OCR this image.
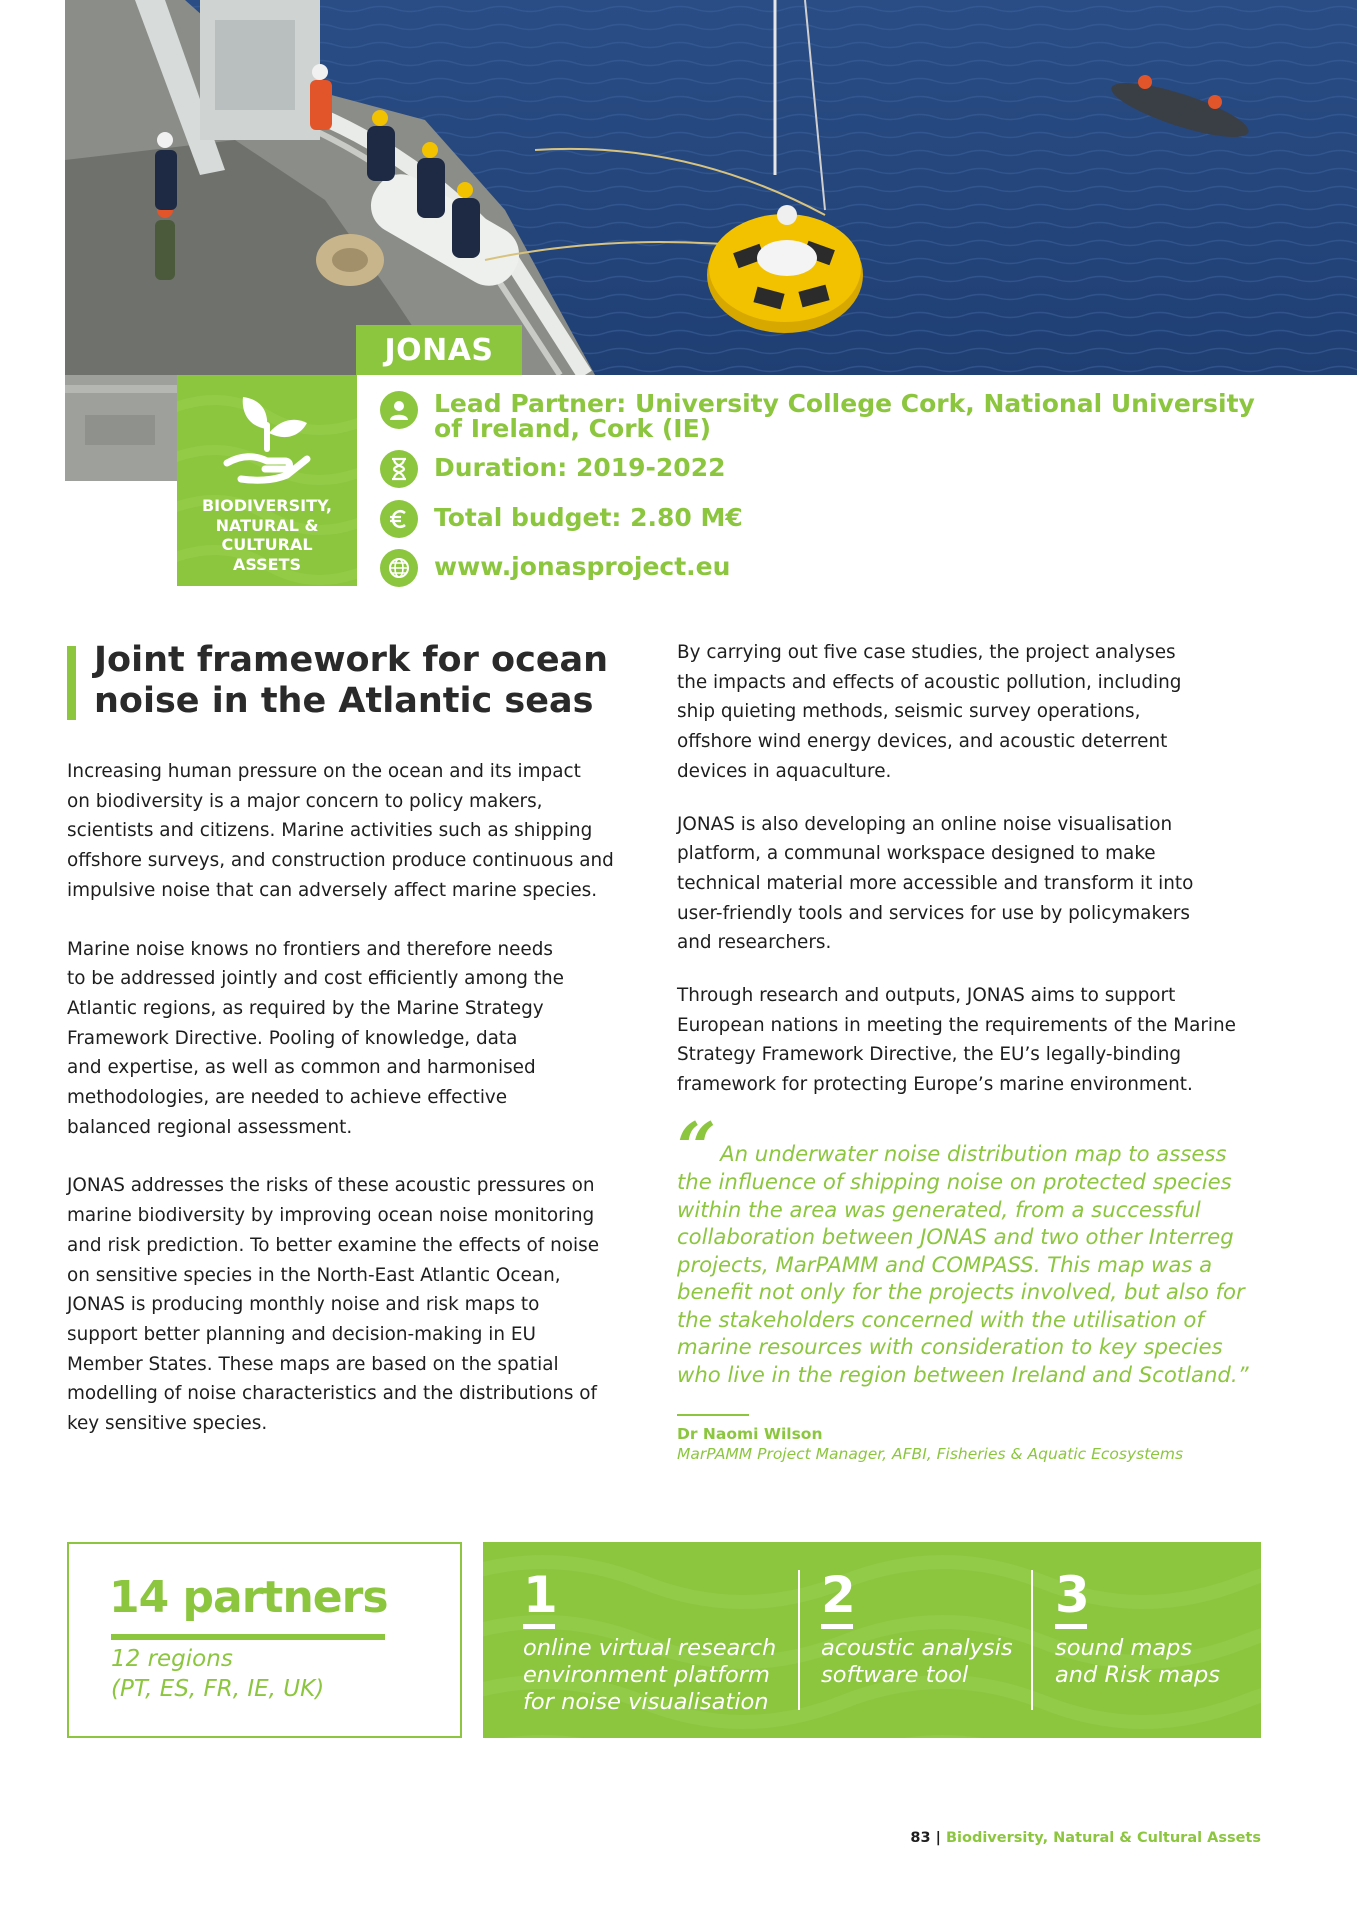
JONAS
BIODIVERSITY,
NATURAL &
CULTURAL
ASSETS
Lead Partner: University College Cork, National University
of Ireland, Cork (IE)
Duration: 2019-2022
Total budget: 2.80 M€
www.jonasproject.eu
Joint framework for ocean
noise in the Atlantic seas

Increasing human pressure on the ocean and its impact
on biodiversity is a major concern to policy makers,
scientists and citizens. Marine activities such as shipping
offshore surveys, and construction produce continuous and
impulsive noise that can adversely affect marine species.

Marine noise knows no frontiers and therefore needs
to be addressed jointly and cost efficiently among the
Atlantic regions, as required by the Marine Strategy
Framework Directive. Pooling of knowledge, data
and expertise, as well as common and harmonised
methodologies, are needed to achieve effective
balanced regional assessment.

JONAS addresses the risks of these acoustic pressures on
marine biodiversity by improving ocean noise monitoring
and risk prediction. To better examine the effects of noise
on sensitive species in the North-East Atlantic Ocean,
JONAS is producing monthly noise and risk maps to
support better planning and decision-making in EU
Member States. These maps are based on the spatial
modelling of noise characteristics and the distributions of
key sensitive species.

By carrying out five case studies, the project analyses
the impacts and effects of acoustic pollution, including
ship quieting methods, seismic survey operations,
offshore wind energy devices, and acoustic deterrent
devices in aquaculture.

JONAS is also developing an online noise visualisation
platform, a communal workspace designed to make
technical material more accessible and transform it into
user-friendly tools and services for use by policymakers
and researchers.

Through research and outputs, JONAS aims to support
European nations in meeting the requirements of the Marine
Strategy Framework Directive, the EU’s legally-binding
framework for protecting Europe’s marine environment.

“ An underwater noise distribution map to assess
the influence of shipping noise on protected species
within the area was generated, from a successful
collaboration between JONAS and two other Interreg
projects, MarPAMM and COMPASS. This map was a
benefit not only for the projects involved, but also for
the stakeholders concerned with the utilisation of
marine resources with consideration to key species
who live in the region between Ireland and Scotland.”
Dr Naomi Wilson
MarPAMM Project Manager, AFBI, Fisheries & Aquatic Ecosystems
14 partners
12 regions
(PT, ES, FR, IE, UK)
1
online virtual research
environment platform
for noise visualisation
2
acoustic analysis
software tool
3
sound maps
and Risk maps
83 | Biodiversity, Natural & Cultural Assets
